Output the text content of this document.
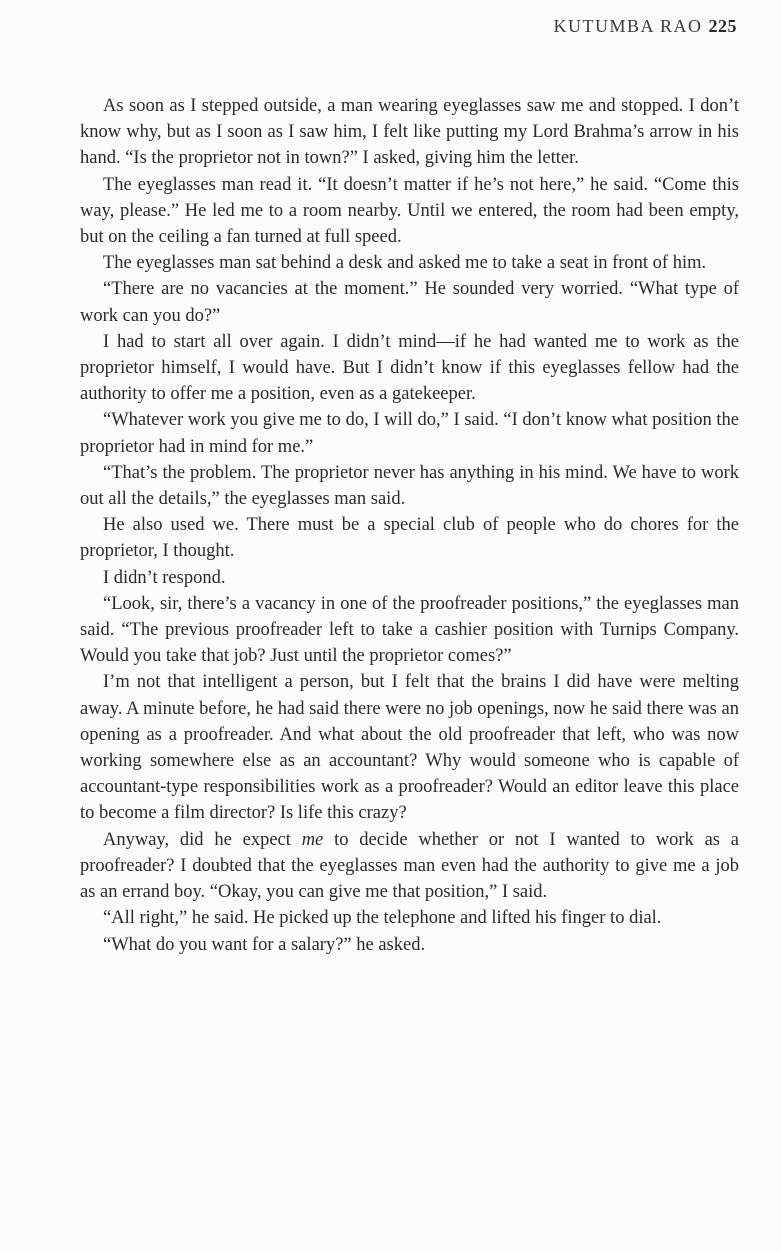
KUTUMBA RAO 225

As soon as I stepped outside, a man wearing eyeglasses saw me and stopped. I don’t know why, but as I soon as I saw him, I felt like putting my Lord Brahma’s arrow in his hand. “Is the proprietor not in town?” I asked, giving him the letter.

The eyeglasses man read it. “It doesn’t matter if he’s not here,” he said. “Come this way, please.” He led me to a room nearby. Until we entered, the room had been empty, but on the ceiling a fan turned at full speed.

The eyeglasses man sat behind a desk and asked me to take a seat in front of him.

“There are no vacancies at the moment.” He sounded very worried. “What type of work can you do?”

I had to start all over again. I didn’t mind—if he had wanted me to work as the proprietor himself, I would have. But I didn’t know if this eyeglasses fellow had the authority to offer me a position, even as a gatekeeper.

“Whatever work you give me to do, I will do,” I said. “I don’t know what position the proprietor had in mind for me.”

“That’s the problem. The proprietor never has anything in his mind. We have to work out all the details,” the eyeglasses man said.

He also used we. There must be a special club of people who do chores for the proprietor, I thought.

I didn’t respond.

“Look, sir, there’s a vacancy in one of the proofreader positions,” the eyeglasses man said. “The previous proofreader left to take a cashier position with Turnips Company. Would you take that job? Just until the proprietor comes?”

I’m not that intelligent a person, but I felt that the brains I did have were melting away. A minute before, he had said there were no job openings, now he said there was an opening as a proofreader. And what about the old proofreader that left, who was now working somewhere else as an accountant? Why would someone who is capable of accountant-type responsibilities work as a proofreader? Would an editor leave this place to become a film director? Is life this crazy?

Anyway, did he expect me to decide whether or not I wanted to work as a proofreader? I doubted that the eyeglasses man even had the authority to give me a job as an errand boy. “Okay, you can give me that position,” I said.

“All right,” he said. He picked up the telephone and lifted his finger to dial.

“What do you want for a salary?” he asked.
